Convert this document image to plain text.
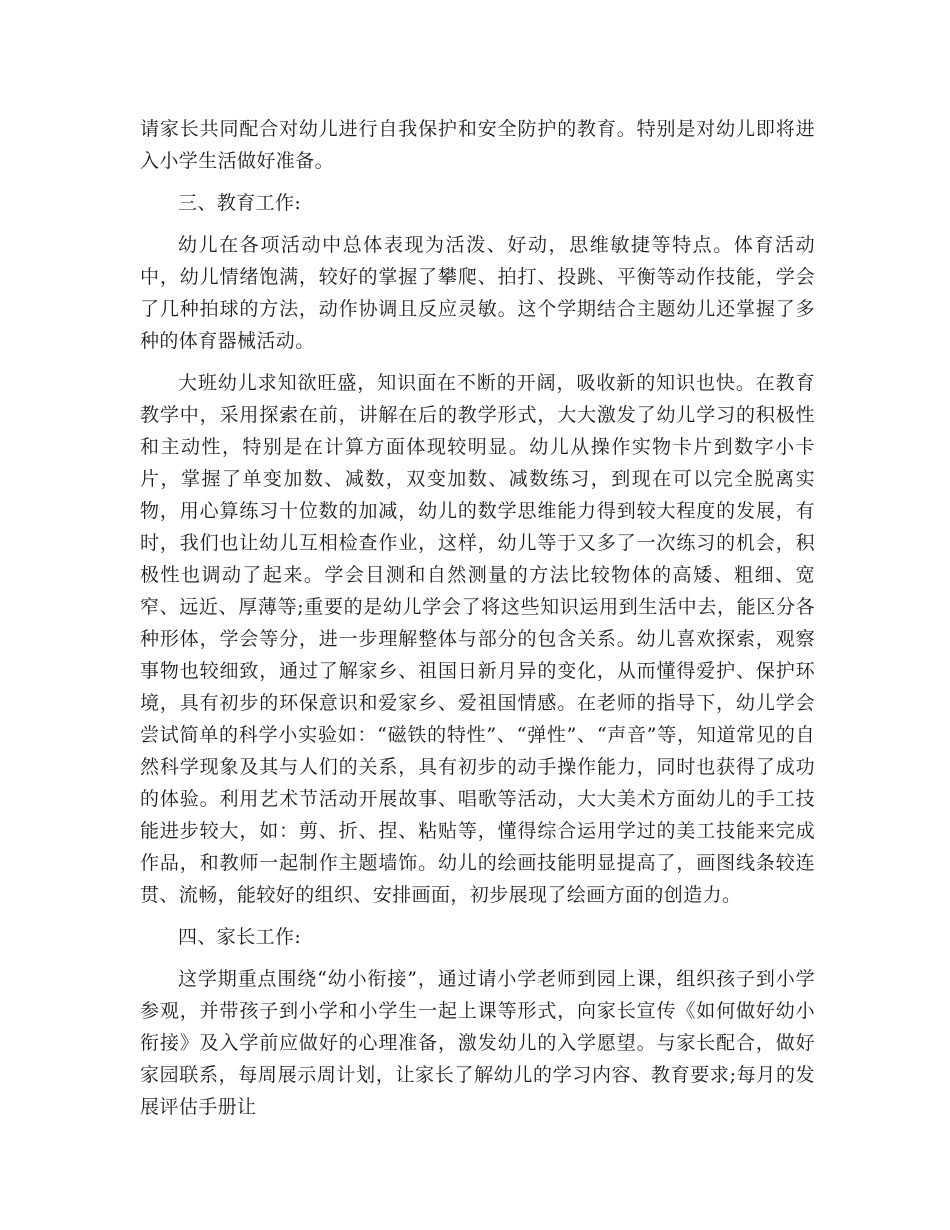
请家长共同配合对幼儿进行自我保护和安全防护的教育。特别是对幼儿即将进入小学生活做好准备。

三、教育工作:

幼儿在各项活动中总体表现为活泼、好动，思维敏捷等特点。体育活动中，幼儿情绪饱满，较好的掌握了攀爬、拍打、投跳、平衡等动作技能，学会了几种拍球的方法，动作协调且反应灵敏。这个学期结合主题幼儿还掌握了多种的体育器械活动。

大班幼儿求知欲旺盛，知识面在不断的开阔，吸收新的知识也快。在教育教学中，采用探索在前，讲解在后的教学形式，大大激发了幼儿学习的积极性和主动性，特别是在计算方面体现较明显。幼儿从操作实物卡片到数字小卡片，掌握了单变加数、减数，双变加数、减数练习，到现在可以完全脱离实物，用心算练习十位数的加减，幼儿的数学思维能力得到较大程度的发展，有时，我们也让幼儿互相检查作业，这样，幼儿等于又多了一次练习的机会，积极性也调动了起来。学会目测和自然测量的方法比较物体的高矮、粗细、宽窄、远近、厚薄等;重要的是幼儿学会了将这些知识运用到生活中去，能区分各种形体，学会等分，进一步理解整体与部分的包含关系。幼儿喜欢探索，观察事物也较细致，通过了解家乡、祖国日新月异的变化，从而懂得爱护、保护环境，具有初步的环保意识和爱家乡、爱祖国情感。在老师的指导下，幼儿学会尝试简单的科学小实验如：“磁铁的特性”、“弹性”、“声音”等，知道常见的自然科学现象及其与人们的关系，具有初步的动手操作能力，同时也获得了成功的体验。利用艺术节活动开展故事、唱歌等活动，大大美术方面幼儿的手工技能进步较大，如：剪、折、捏、粘贴等，懂得综合运用学过的美工技能来完成作品，和教师一起制作主题墙饰。幼儿的绘画技能明显提高了，画图线条较连贯、流畅，能较好的组织、安排画面，初步展现了绘画方面的创造力。

四、家长工作:

这学期重点围绕“幼小衔接”，通过请小学老师到园上课，组织孩子到小学参观，并带孩子到小学和小学生一起上课等形式，向家长宣传《如何做好幼小衔接》及入学前应做好的心理准备，激发幼儿的入学愿望。与家长配合，做好家园联系，每周展示周计划，让家长了解幼儿的学习内容、教育要求;每月的发展评估手册让
